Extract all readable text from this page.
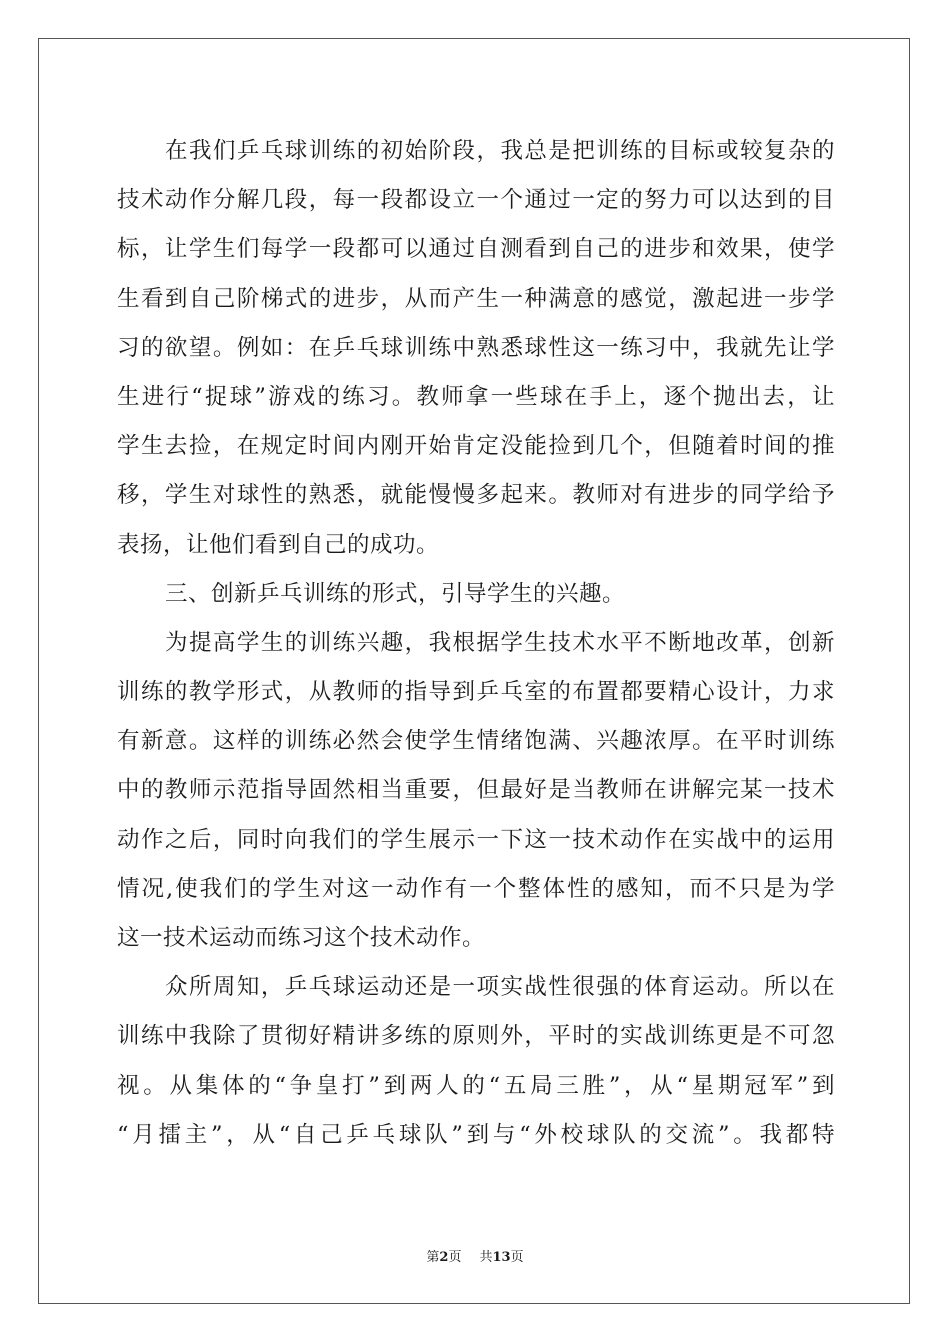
在我们乒乓球训练的初始阶段，我总是把训练的目标或较复杂的
技术动作分解几段，每一段都设立一个通过一定的努力可以达到的目
标，让学生们每学一段都可以通过自测看到自己的进步和效果，使学
生看到自己阶梯式的进步，从而产生一种满意的感觉，激起进一步学
习的欲望。例如：在乒乓球训练中熟悉球性这一练习中，我就先让学
生进行“捉球”游戏的练习。教师拿一些球在手上，逐个抛出去，让
学生去捡，在规定时间内刚开始肯定没能捡到几个，但随着时间的推
移，学生对球性的熟悉，就能慢慢多起来。教师对有进步的同学给予
表扬，让他们看到自己的成功。
三、创新乒乓训练的形式，引导学生的兴趣。
为提高学生的训练兴趣，我根据学生技术水平不断地改革，创新
训练的教学形式，从教师的指导到乒乓室的布置都要精心设计，力求
有新意。这样的训练必然会使学生情绪饱满、兴趣浓厚。在平时训练
中的教师示范指导固然相当重要，但最好是当教师在讲解完某一技术
动作之后，同时向我们的学生展示一下这一技术动作在实战中的运用
情况,使我们的学生对这一动作有一个整体性的感知，而不只是为学
这一技术运动而练习这个技术动作。
众所周知，乒乓球运动还是一项实战性很强的体育运动。所以在
训练中我除了贯彻好精讲多练的原则外，平时的实战训练更是不可忽
视。从集体的“争皇打”到两人的“五局三胜”，从“星期冠军”到
“月擂主”，从“自己乒乓球队”到与“外校球队的交流”。我都特
第2页 共13页
